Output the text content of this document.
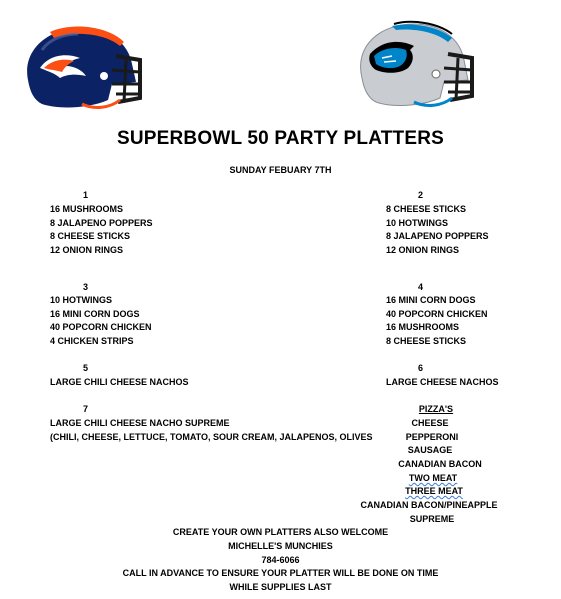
SUPERBOWL 50 PARTY PLATTERS
SUNDAY FEBUARY 7TH
1
16 MUSHROOMS
8 JALAPENO POPPERS
8 CHEESE STICKS
12 ONION RINGS
2
8 CHEESE STICKS
10 HOTWINGS
8 JALAPENO POPPERS
12 ONION RINGS
3
10 HOTWINGS
16 MINI CORN DOGS
40 POPCORN CHICKEN
4 CHICKEN STRIPS
4
16 MINI CORN DOGS
40 POPCORN CHICKEN
16 MUSHROOMS
8 CHEESE STICKS
5
LARGE CHILI CHEESE NACHOS
6
LARGE CHEESE NACHOS
7
LARGE CHILI CHEESE NACHO SUPREME
(CHILI, CHEESE, LETTUCE, TOMATO, SOUR CREAM, JALAPENOS, OLIVES
PIZZA'S
CHEESE
PEPPERONI
SAUSAGE
CANADIAN BACON
TWO MEAT
THREE MEAT
CANADIAN BACON/PINEAPPLE
SUPREME
CREATE YOUR OWN PLATTERS ALSO WELCOME
MICHELLE'S MUNCHIES
784-6066
CALL IN ADVANCE TO ENSURE YOUR PLATTER WILL BE DONE ON TIME
WHILE SUPPLIES LAST
